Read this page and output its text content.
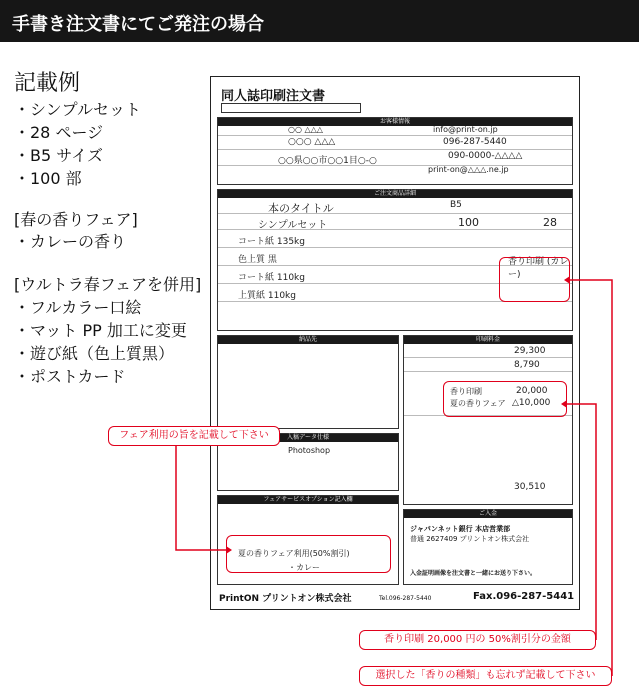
手書き注文書にてご発注の場合
記載例
・シンプルセット
・28 ページ
・B5 サイズ
・100 部
[春の香りフェア]
・カレーの香り
[ウルトラ春フェアを併用]
・フルカラー口絵
・マット PP 加工に変更
・遊び紙（色上質黒）
・ポストカード
同人誌印刷注文書
お客様情報
○○ △△△	info@print-on.jp
○○○ △△△	096-287-5440
○○県○○市○○1目○-○	090-0000-△△△△
print-on@△△△.ne.jp
ご注文商品詳細
本のタイトル	B5
シンプルセット	100	28
コート紙 135kg
色上質 黒
コート紙 110kg
上質紙 110kg
香り印刷 (カレー)
納品先	印刷料金
29,300
8,790
香り印刷	20,000
夏の香りフェア △10,000
30,510
入稿データ仕様
Photoshop
フェアサービスオプション記入欄
夏の香りフェア利用(50%割引)
・カレー
ご入金
ジャパンネット銀行 本店営業部
普通 2627409 プリントオン株式会社
入金証明画像を注文書と一緒にお送り下さい。
PrintON プリントオン株式会社	Tel.096-287-5440	Fax.096-287-5441
フェア利用の旨を記載して下さい
香り印刷 20,000 円の 50%割引分の金額
選択した「香りの種類」も忘れず記載して下さい
